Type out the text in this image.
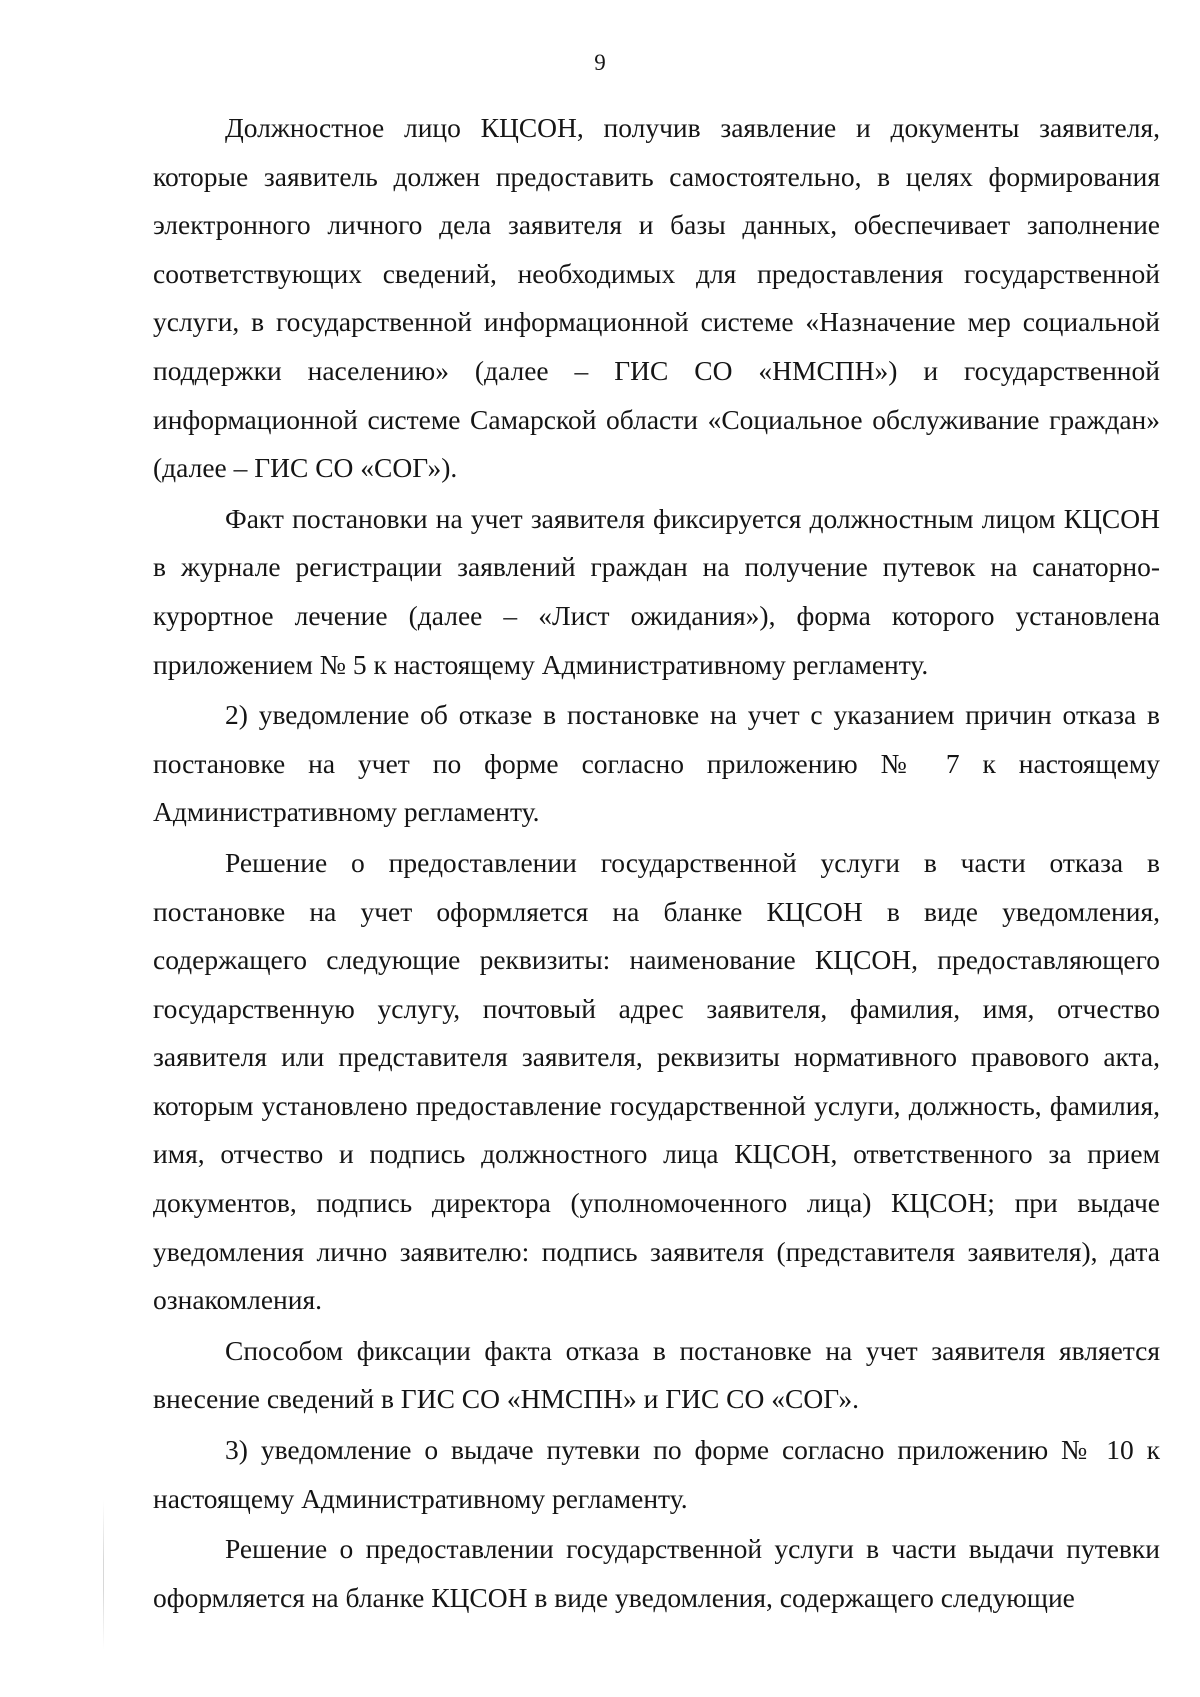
9

Должностное лицо КЦСОН, получив заявление и документы заявителя, которые заявитель должен предоставить самостоятельно, в целях формирования электронного личного дела заявителя и базы данных, обеспечивает заполнение соответствующих сведений, необходимых для предоставления государственной услуги, в государственной информационной системе «Назначение мер социальной поддержки населению» (далее – ГИС СО «НМСПН») и государственной информационной системе Самарской области «Социальное обслуживание граждан» (далее – ГИС СО «СОГ»).

Факт постановки на учет заявителя фиксируется должностным лицом КЦСОН в журнале регистрации заявлений граждан на получение путевок на санаторно-курортное лечение (далее – «Лист ожидания»), форма которого установлена приложением № 5 к настоящему Административному регламенту.

2) уведомление об отказе в постановке на учет с указанием причин отказа в постановке на учет по форме согласно приложению № 7 к настоящему Административному регламенту.

Решение о предоставлении государственной услуги в части отказа в постановке на учет оформляется на бланке КЦСОН в виде уведомления, содержащего следующие реквизиты: наименование КЦСОН, предоставляющего государственную услугу, почтовый адрес заявителя, фамилия, имя, отчество заявителя или представителя заявителя, реквизиты нормативного правового акта, которым установлено предоставление государственной услуги, должность, фамилия, имя, отчество и подпись должностного лица КЦСОН, ответственного за прием документов, подпись директора (уполномоченного лица) КЦСОН; при выдаче уведомления лично заявителю: подпись заявителя (представителя заявителя), дата ознакомления.

Способом фиксации факта отказа в постановке на учет заявителя является внесение сведений в ГИС СО «НМСПН» и ГИС СО «СОГ».

3) уведомление о выдаче путевки по форме согласно приложению № 10 к настоящему Административному регламенту.

Решение о предоставлении государственной услуги в части выдачи путевки оформляется на бланке КЦСОН в виде уведомления, содержащего следующие
